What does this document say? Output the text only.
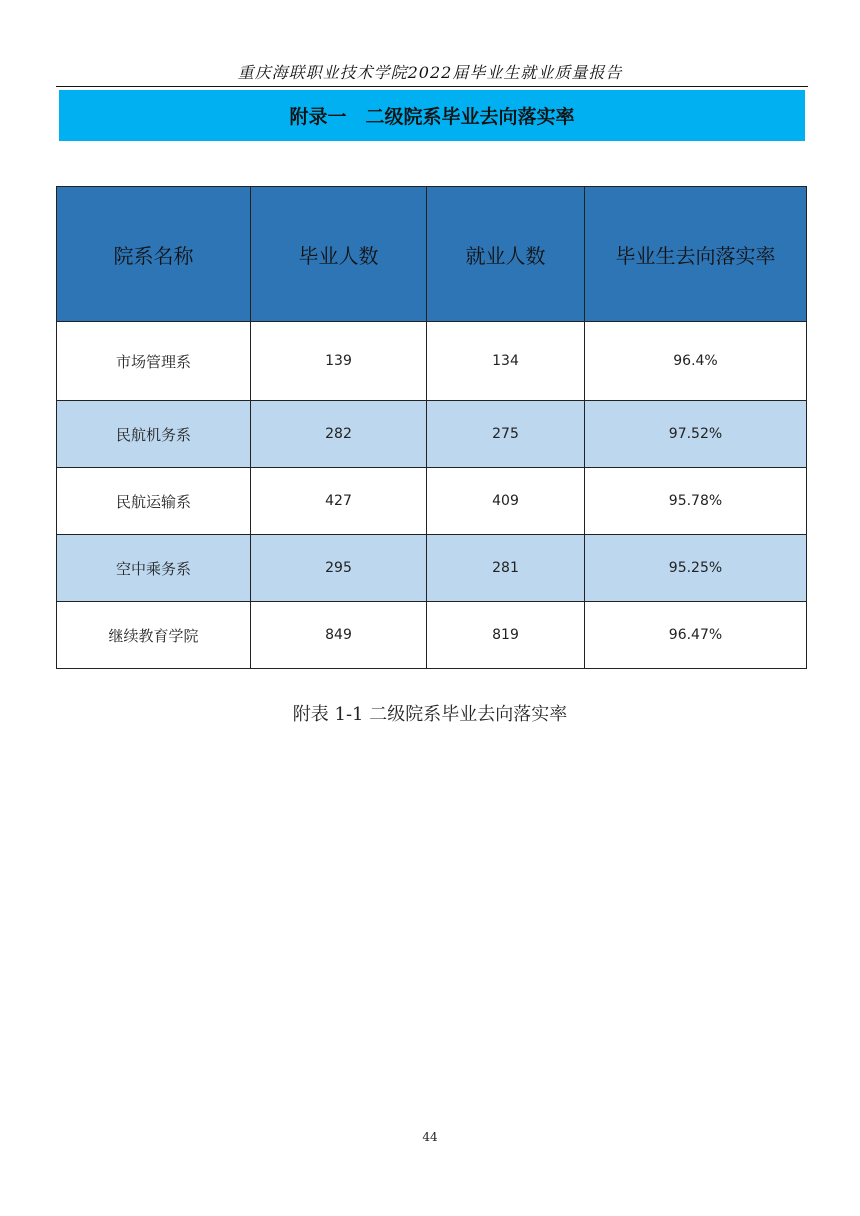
重庆海联职业技术学院2022届毕业生就业质量报告
附录一　二级院系毕业去向落实率
院系名称	毕业人数	就业人数	毕业生去向落实率
市场管理系	139	134	96.4%
民航机务系	282	275	97.52%
民航运输系	427	409	95.78%
空中乘务系	295	281	95.25%
继续教育学院	849	819	96.47%
附表 1-1 二级院系毕业去向落实率
44
